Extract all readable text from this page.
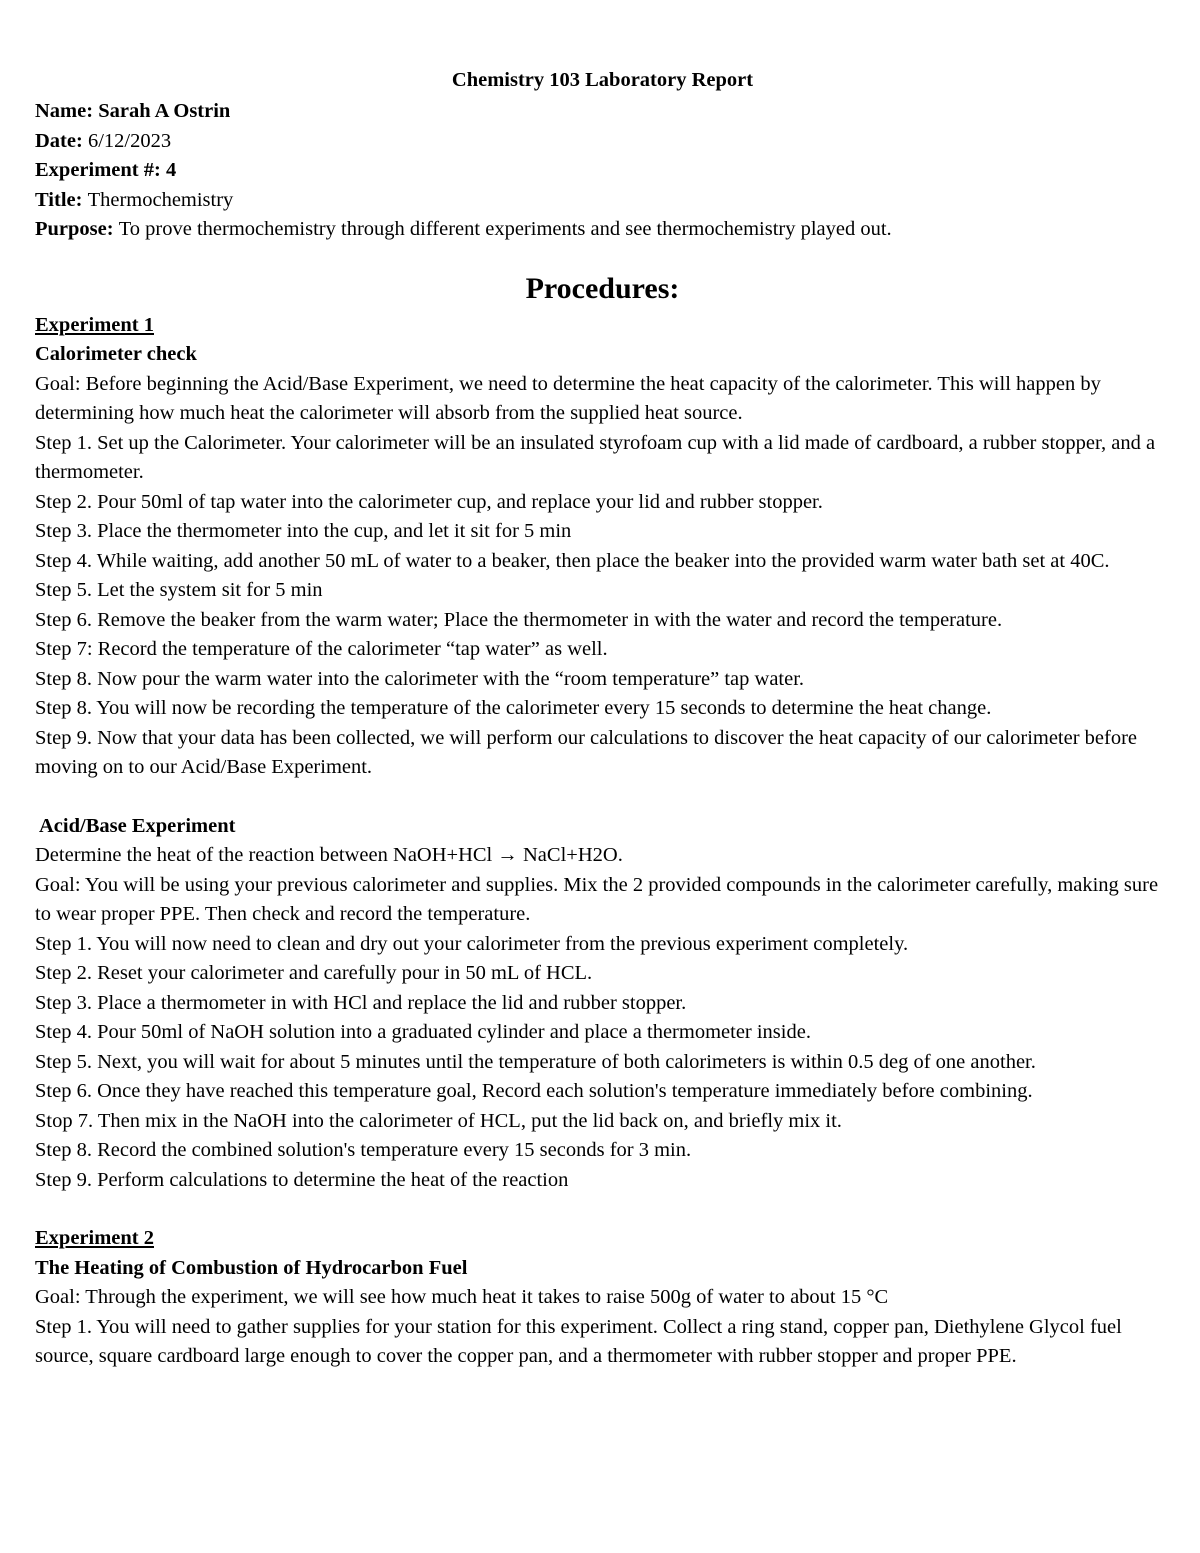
Chemistry 103 Laboratory Report

Name: Sarah A Ostrin

Date: 6/12/2023

Experiment #: 4

Title: Thermochemistry

Purpose: To prove thermochemistry through different experiments and see thermochemistry played out.

Procedures:

Experiment 1

Calorimeter check

Goal: Before beginning the Acid/Base Experiment, we need to determine the heat capacity of the calorimeter. This will happen by determining how much heat the calorimeter will absorb from the supplied heat source.

Step 1. Set up the Calorimeter. Your calorimeter will be an insulated styrofoam cup with a lid made of cardboard, a rubber stopper, and a thermometer.

Step 2. Pour 50ml of tap water into the calorimeter cup, and replace your lid and rubber stopper.

Step 3. Place the thermometer into the cup, and let it sit for 5 min

Step 4. While waiting, add another 50 mL of water to a beaker, then place the beaker into the provided warm water bath set at 40C.

Step 5. Let the system sit for 5 min

Step 6. Remove the beaker from the warm water; Place the thermometer in with the water and record the temperature.

Step 7: Record the temperature of the calorimeter “tap water” as well.

Step 8. Now pour the warm water into the calorimeter with the “room temperature” tap water.

Step 8. You will now be recording the temperature of the calorimeter every 15 seconds to determine the heat change.

Step 9. Now that your data has been collected, we will perform our calculations to discover the heat capacity of our calorimeter before moving on to our Acid/Base Experiment.

Acid/Base Experiment

Determine the heat of the reaction between NaOH+HCl → NaCl+H2O.

Goal: You will be using your previous calorimeter and supplies. Mix the 2 provided compounds in the calorimeter carefully, making sure to wear proper PPE. Then check and record the temperature.

Step 1. You will now need to clean and dry out your calorimeter from the previous experiment completely.

Step 2. Reset your calorimeter and carefully pour in 50 mL of HCL.

Step 3. Place a thermometer in with HCl and replace the lid and rubber stopper.

Step 4. Pour 50ml of NaOH solution into a graduated cylinder and place a thermometer inside.

Step 5. Next, you will wait for about 5 minutes until the temperature of both calorimeters is within 0.5 deg of one another.

Step 6. Once they have reached this temperature goal, Record each solution's temperature immediately before combining.

Stop 7. Then mix in the NaOH into the calorimeter of HCL, put the lid back on, and briefly mix it.

Step 8. Record the combined solution's temperature every 15 seconds for 3 min.

Step 9. Perform calculations to determine the heat of the reaction

Experiment 2

The Heating of Combustion of Hydrocarbon Fuel

Goal: Through the experiment, we will see how much heat it takes to raise 500g of water to about 15 °C

Step 1. You will need to gather supplies for your station for this experiment. Collect a ring stand, copper pan, Diethylene Glycol fuel source, square cardboard large enough to cover the copper pan, and a thermometer with rubber stopper and proper PPE.
